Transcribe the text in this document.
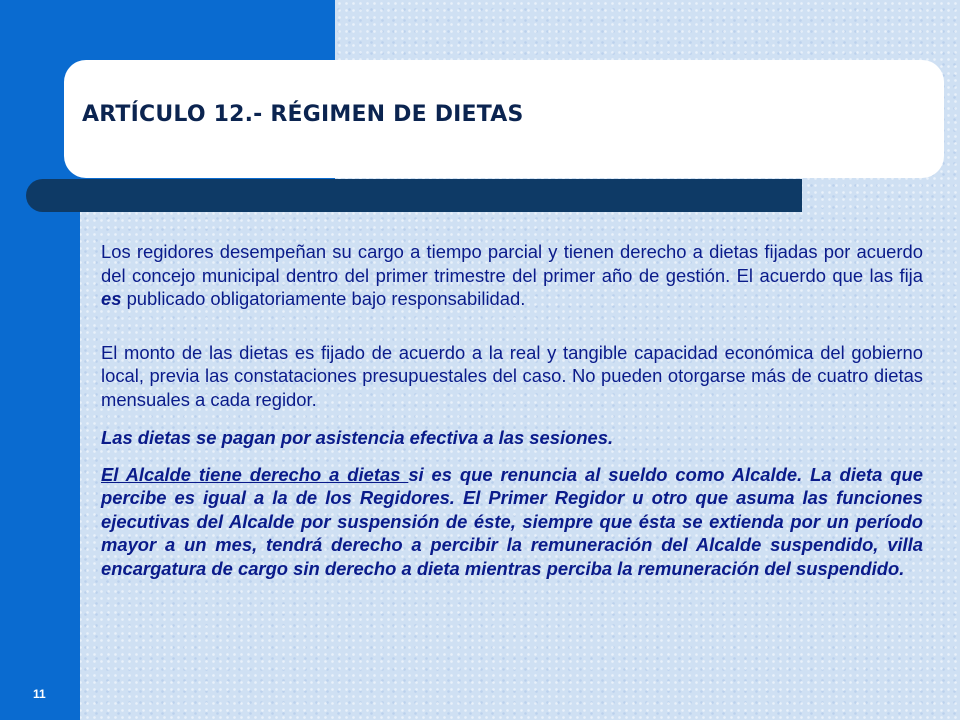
ARTÍCULO 12.- RÉGIMEN DE DIETAS

Los regidores desempeñan su cargo a tiempo parcial y tienen derecho a dietas fijadas por acuerdo del concejo municipal dentro del primer trimestre del primer año de gestión. El acuerdo que las fija es publicado obligatoriamente bajo responsabilidad.

El monto de las dietas es fijado de acuerdo a la real y tangible capacidad económica del gobierno local, previa las constataciones presupuestales del caso. No pueden otorgarse más de cuatro dietas mensuales a cada regidor.

Las dietas se pagan por asistencia efectiva a las sesiones.

El Alcalde tiene derecho a dietas si es que renuncia al sueldo como Alcalde. La dieta que percibe es igual a la de los Regidores. El Primer Regidor u otro que asuma las funciones ejecutivas del Alcalde por suspensión de éste, siempre que ésta se extienda por un período mayor a un mes, tendrá derecho a percibir la remuneración del Alcalde suspendido, villa encargatura de cargo sin derecho a dieta mientras perciba la remuneración del suspendido.

11
